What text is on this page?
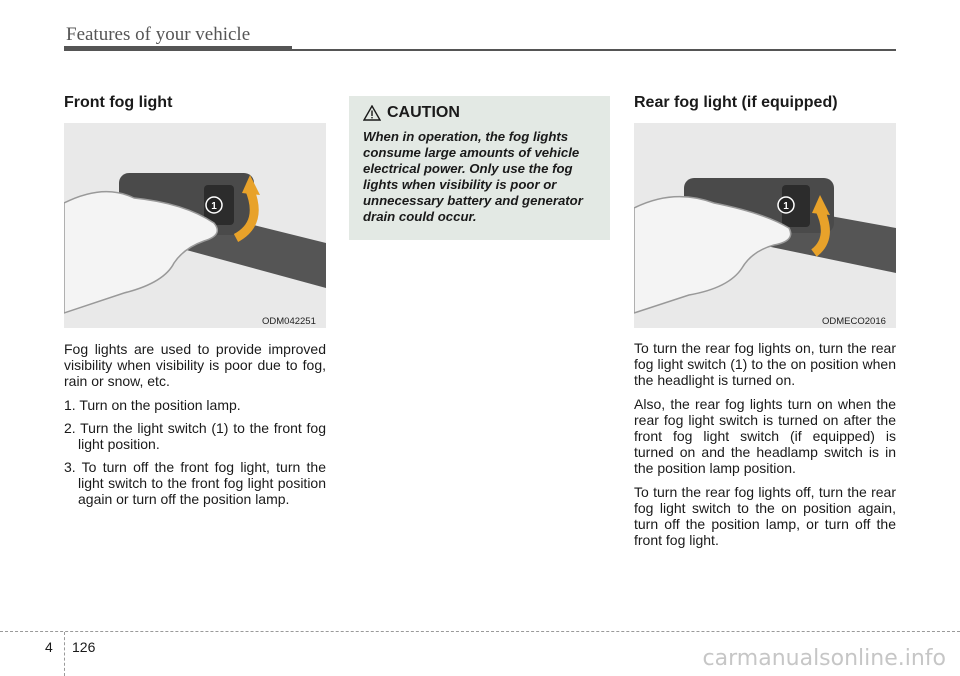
Features of your vehicle
Front fog light
1
ODM042251

Fog lights are used to provide improved visibility when visibility is poor due to fog, rain or snow, etc.

1. Turn on the position lamp.
2. Turn the light switch (1) to the front fog light position.
3. To turn off the front fog light, turn the light switch to the front fog light position again or turn off the position lamp.
CAUTION
When in operation, the fog lights consume large amounts of vehicle electrical power. Only use the fog lights when visibility is poor or unnecessary battery and generator drain could occur.
Rear fog light (if equipped)
1
ODMECO2016

To turn the rear fog lights on, turn the rear fog light switch (1) to the on position when the headlight is turned on.

Also, the rear fog lights turn on when the rear fog light switch is turned on after the front fog light switch (if equipped) is turned on and the headlamp switch is in the position lamp position.

To turn the rear fog lights off, turn the rear fog light switch to the on position again, turn off the position lamp, or turn off the front fog light.

4 126	carmanualsonline.info
